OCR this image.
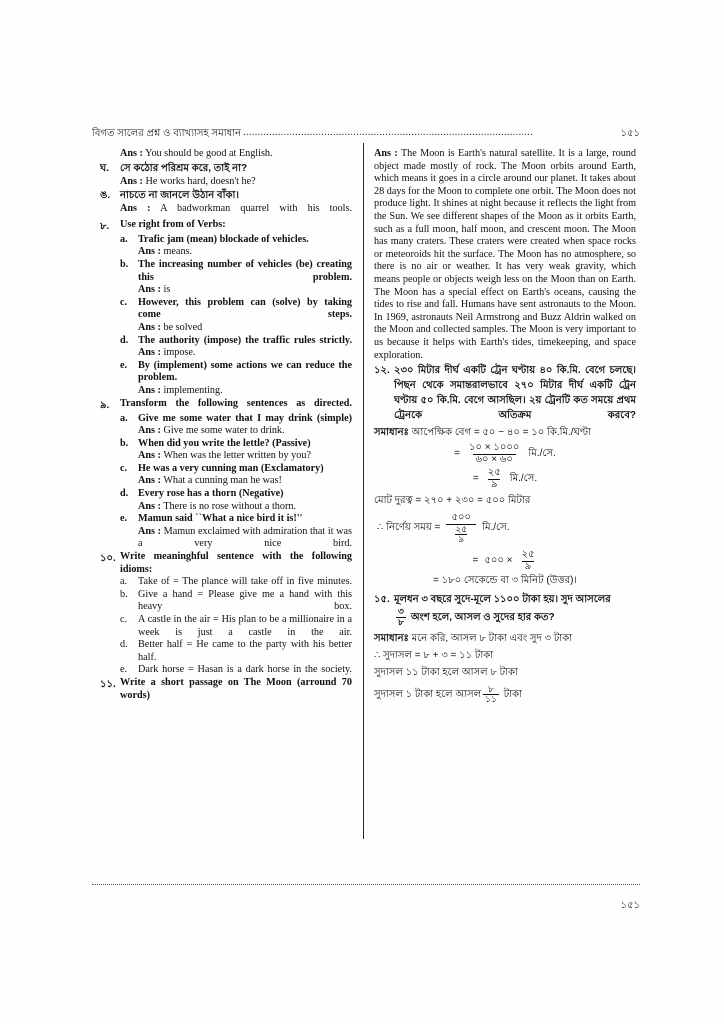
বিগত সালের প্রশ্ন ও ব্যাখ্যাসহ সমাধান ....................................................................................................	১৫১
Ans : You should be good at English.
ঘ.	সে কঠোর পরিশ্রম করে, তাই না?
Ans : He works hard, doesn't he?
ঙ. নাচতে না জানলে উঠান বাঁকা।
Ans : A badworkman quarrel with his tools.
৮.	Use right from of Verbs:
a.	Trafic jam (mean) blockade of vehicles.
Ans : means.
b. The increasing number of vehicles (be) creating this problem.
Ans : is
c.	However, this problem can (solve) by taking come steps.
Ans : be solved
d. The authority (impose) the traffic rules strictly.
Ans : impose.
e.	By (implement) some actions we can reduce the problem.
Ans : implementing.
৯.	Transform the following sentences as directed.
a.	Give me some water that I may drink (simple)
Ans : Give me some water to drink.
b. When did you write the lettle? (Passive)
Ans : When was the letter written by you?
c.	He was a very cunning man (Exclamatory)
Ans : What a cunning man he was!
d. Every rose has a thorn (Negative)
Ans : There is no rose without a thorn.
e.	Mamun said ``What a nice bird it is!''
Ans : Mamun exclaimed with admiration that it was a very nice bird.
১০. Write meaninghful sentence with the following idioms:
a.	Take of = The plance will take off in five minutes.
b.	Give a hand = Please give me a hand with this heavy box.
c.	A castle in the air = His plan to be a millionaire in a week is just a castle in the air.
d.	Better half = He came to the party with his better half.
e.	Dark horse = Hasan is a dark horse in the society.
১১. Write a short passage on The Moon (arround 70 words)
Ans : The Moon is Earth's natural satellite. It is a large, round object made mostly of rock. The Moon orbits around Earth, which means it goes in a circle around our planet. It takes about 28 days for the Moon to complete one orbit. The Moon does not produce light. It shines at night because it reflects the light from the Sun. We see different shapes of the Moon as it orbits Earth, such as a full moon, half moon, and crescent moon. The Moon has many craters. These craters were created when space rocks or meteoroids hit the surface. The Moon has no atmosphere, so there is no air or weather. It has very weak gravity, which means people or objects weigh less on the Moon than on Earth. The Moon has a special effect on Earth's oceans, causing the tides to rise and fall. Humans have sent astronauts to the Moon. In 1969, astronauts Neil Armstrong and Buzz Aldrin walked on the Moon and collected samples. The Moon is very important to us because it helps with Earth's tides, timekeeping, and space exploration.
১২. ২৩০ মিটার দীর্ঘ একটি ট্রেন ঘণ্টায় ৪০ কি.মি. বেগে চলছে। পিছন থেকে সমান্তরালভাবে ২৭০ মিটার দীর্ঘ একটি ট্রেন ঘণ্টায় ৫০ কি.মি. বেগে আসছিল। ২য় ট্রেনটি কত সময়ে প্রথম ট্রেনকে অতিক্রম করবে?
সমাধানঃ আপেক্ষিক বেগ = ৫০ − ৪০ = ১০ কি.মি./ঘণ্টা
= $\frac{১০ \times ১০০০}{৬০ \times ৬০}$ মি./সে.
= $\frac{২৫}{৯}$ মি./সে.
মোট দুরত্ব = ২৭০ + ২৩০ = ৫০০ মিটার
∴ নির্ণেয় সময় = $\frac{৫০০}{\frac{২৫}{৯}}$ মি./সে.
= ৫০০ × $\frac{২৫}{৯}$
= ১৮০ সেকেন্ডে বা ৩ মিনিট (উত্তর)।
১৫. মূলধন ৩ বছরে সুদে-মূলে ১১০০ টাকা হয়। সুদ আসলের
$\frac{৩}{৮}$ অংশ হলে, আসল ও সুদের হার কত?
সমাধানঃ মনে করি, আসল ৮ টাকা এবং সুদ ৩ টাকা
∴ সুদাসল = ৮ + ৩ = ১১ টাকা
সুদাসল ১১ টাকা হলে আসল ৮ টাকা
সুদাসল ১ টাকা হলে আসল $\frac{৮}{১১}$ টাকা
১৫১
